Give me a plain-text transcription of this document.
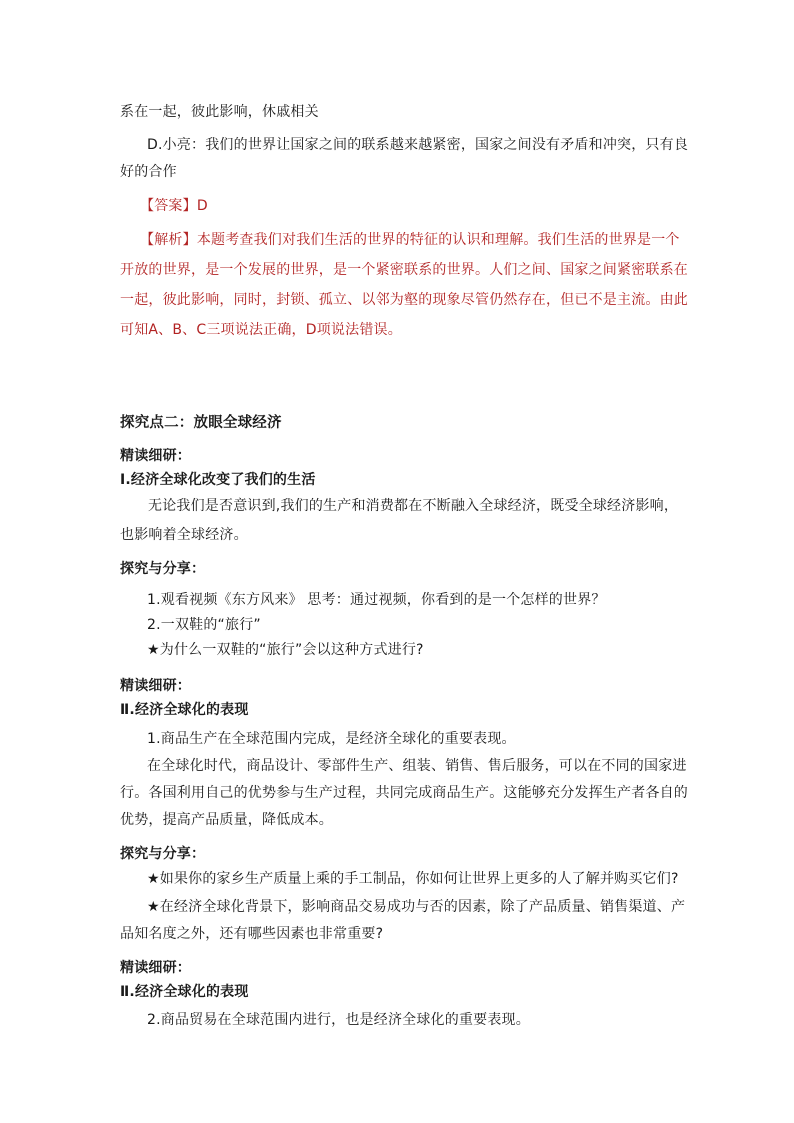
系在一起，彼此影响，休戚相关
D.小亮：我们的世界让国家之间的联系越来越紧密，国家之间没有矛盾和冲突，只有良
好的合作
【答案】D
【解析】本题考查我们对我们生活的世界的特征的认识和理解。我们生活的世界是一个
开放的世界，是一个发展的世界，是一个紧密联系的世界。人们之间、国家之间紧密联系在
一起，彼此影响，同时，封锁、孤立、以邻为壑的现象尽管仍然存在，但已不是主流。由此
可知A、B、C三项说法正确，D项说法错误。
探究点二：放眼全球经济
精读细研：
Ⅰ.经济全球化改变了我们的生活
无论我们是否意识到,我们的生产和消费都在不断融入全球经济，既受全球经济影响，
也影响着全球经济。
探究与分享：
1.观看视频《东方风来》 思考：通过视频，你看到的是一个怎样的世界？
2.一双鞋的“旅行”
★为什么一双鞋的“旅行”会以这种方式进行?
精读细研：
Ⅱ.经济全球化的表现
1.商品生产在全球范围内完成，是经济全球化的重要表现。
在全球化时代，商品设计、零部件生产、组装、销售、售后服务，可以在不同的国家进
行。各国利用自己的优势参与生产过程，共同完成商品生产。这能够充分发挥生产者各自的
优势，提高产品质量，降低成本。
探究与分享：
★如果你的家乡生产质量上乘的手工制品，你如何让世界上更多的人了解并购买它们?
★在经济全球化背景下，影响商品交易成功与否的因素，除了产品质量、销售渠道、产
品知名度之外，还有哪些因素也非常重要?
精读细研：
Ⅱ.经济全球化的表现
2.商品贸易在全球范围内进行，也是经济全球化的重要表现。
